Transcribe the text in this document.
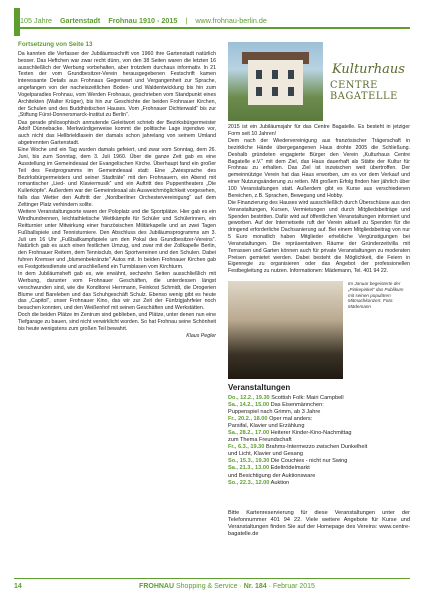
105 Jahre Gartenstadt Frohnau 1910 - 2015 | www.frohnau-berlin.de
Fortsetzung von Seite 13

Da kannten die Verfasser der Jubiläumsschrift von 1960 ihre Gartenstadt natürlich besser. Das Heftchen war zwar recht dünn, von den 38 Seiten waren die letzten 16 ausschließlich der Werbung vorbehalten, aber trotzdem durchaus informativ. In 21 Texten der vom Grundbesitzer-Verein herausgegebenen Festschrift kamen interessante Details aus Frohnaus Gegenwart und Vergangenheit zur Sprache, angefangen von der nacheiszeitlichen Boden- und Waldentwicklung bis hin zum Vogelparadies Frohnau, vom Werden Frohnaus, geschrieben vom Standpunkt eines Architekten (Walter Krüger), bis hin zur Geschichte der beiden Frohnauer Kirchen, der Schulen und des Buddhistischen Hauses. Vom „Frohnauer Dichterwald“ bis zur „Stiftung Fürst-Donnersmarck-Institut zu Berlin“.

Das gerade philosophisch anmutende Geleitwort schrieb der Bezirksbürgermeister Adolf Dünnebacke. Merkwürdigerweise kommt die politische Lage irgendwo vor, auch nicht das Hellbrieldlasein der damals schon jahrelang von seinem Umland abgetrennten Gartenstadt.

Eine Woche und ein Tag wurden damals gefeiert, und zwar vom Sonntag, dem 26. Juni, bis zum Sonntag, dem 3. Juli 1960. Über die ganze Zeit gab es eine Ausstellung im Gemeindesaal der Evangelischen Kirche. Überhaupt fand ein großer Teil des Festprogramms im Gemeindesaal statt: Eine „Zwiesprache des Bezirksbürgermeisters und seiner Stadträte“ mit den Frohnauern, ein Abend mit romantischer „Lied- und Klaviermusik“ und ein Auftritt des Puppentheaters „Die Kullerköpfe“. Außerdem war der Gemeindesaal als Ausweichmöglichkeit vorgesehen, falls das Wetter den Auftritt der „Nordberliner Orchestervereinigung“ auf dem Zeltinger Platz verhindern sollte.

Weitere Veranstaltungsorte waren der Poloplatz und die Sportplätze. Hier gab es ein Windhundrennen, leichtathletische Wettkämpfe für Schüler und Schülerinnen, ein Reitturnier unter Mitwirkung einer französischen Militärkapelle und an zwei Tagen Fußballspiele und Tennisturniere. Den Abschluss des Jubiläumsprogramms am 3. Juli um 16 Uhr „Fußballkampfspiele um den Pokal des Grundbesitzer-Vereins“. Natürlich gab es auch einen festlichen Umzug, und zwar mit der Zollkapelle Berlin, den Frohnauer Reitern, dem Tennisclub, den Sportvereinen und den Schulen. Dabei fuhren Kremser und „blumenbekränzte“ Autos mit. In beiden Frohnauer Kirchen gab es Festgottesdienste und anschließend ein Turmblasen vom Kirchturm.

In dem Jubiläumsheft gab es, wie erwähnt, sechzehn Seiten ausschließlich mit Werbung, darunter vom Frohnauer Geschäften, die unterdessen längst verschwunden sind, wie die Konditorei Herrmann, Feinkost Schmidt, die Drogerien Blume und Bareleben und das Schuhgeschäft Schulz. Ebenso wenig gibt es heute das „Capitol“, unser Frohnauer Kino, das wir zur Zeit der Fünfzigjahrfeier noch besuchen konnten, und den Weißenhof mit seinen Geschäften und Werkstätten.

Doch die beiden Plätze im Zentrum sind geblieben, und Plätze, unter denen nun eine Tiefgarage zu bauen, sind nicht verwirklicht worden. So hat Frohnau seine Schönheit bis heute wenigstens zum großen Teil bewahrt.

Klaus Pegler
Kulturhaus
CENTRE BAGATELLE

2015 ist ein Jubiläumsjahr für das Centre Bagatelle. Es besteht in jetziger Form seit 10 Jahren!

Dem nach der Wiedervereinigung aus französischer Trägerschaft in bezirkliche Hände übergegangenen Haus drohte 2005 die Schließung. Deshalb gründeten engagierte Bürger den Verein „Kulturhaus Centre Bagatelle e.V.“ mit dem Ziel, das Haus dauerhaft als Stätte der Kultur für Frohnau zu erhalten. Das Ziel ist inzwischen weit übertroffen. Der gemeinnützige Verein hat das Haus erworben, um es vor dem Verkauf und einer Nutzungsänderung zu retten. Mit großem Erfolg finden hier jährlich über 100 Veranstaltungen statt. Außerdem gibt es Kurse aus verschiedenen Bereichen, z.B. Sprachen, Bewegung und Hobby.

Die Finanzierung des Hauses wird ausschließlich durch Überschüsse aus den Veranstaltungen, Kursen, Vermietungen und durch Mitgliedsbeiträge und Spenden bestritten. Dafür wird auf öffentlichen Veranstaltungen informiert und geworben. Auf der Internetseite ruft der Verein aktuell zu Spenden für die dringend erforderliche Dachsanierung auf. Bei einem Mitgliedsbeitrag von nur 5 Euro monatlich haben Mitglieder erhebliche Vergünstigungen bei Veranstaltungen. Die repräsentativen Räume der Gründerzeitvilla mit Terrassen und Garten können auch für private Veranstaltungen zu moderaten Preisen gemietet werden. Dabei besteht die Möglichkeit, die Feiern in Eigenregie zu organisieren oder das Angebot der professionellen Festbegleitung zu nutzen. Informationen: Mädemann, Tel. 401 94 22.

Im Januar begeisterte der „Pinkepinkel“ das Publikum mit seinen populären Mitmachkonzert. Foto: Mädemann
Veranstaltungen
Do., 12.2., 19.30 Scottish Folk: Mairi Campbell
Sa., 14.2., 15.00 Das Eisenmännchen:
Puppenspiel nach Grimm, ab 3 Jahre
Fr., 20.2., 18.00 Oper mal anders:
Parsifal, Klavier und Erzählung
Sa., 28.2., 17.00 Heiterer Kinder-Kino-Nachmittag
zum Thema Freundschaft
Fr., 6.3., 19.30 Brahms-Intermezzo zwischen Dunkelheit
und Licht, Klavier und Gesang
So., 15.3., 19.30 Die Couchies - nicht nur Swing
Sa., 21.3., 13.00 Edeltrödelmarkt
und Besichtigung der Auktionsware
So., 22.3., 12.00 Auktion
Bitte Kartenreservierung für diese Veranstaltungen unter der Telefonnummer 401 94 22. Viele weitere Angebote für Kurse und Veranstaltungen finden Sie auf der Homepage des Vereins: www.centre-bagatelle.de
14	FROHNAU Shopping & Service · Nr. 184 · Februar 2015
